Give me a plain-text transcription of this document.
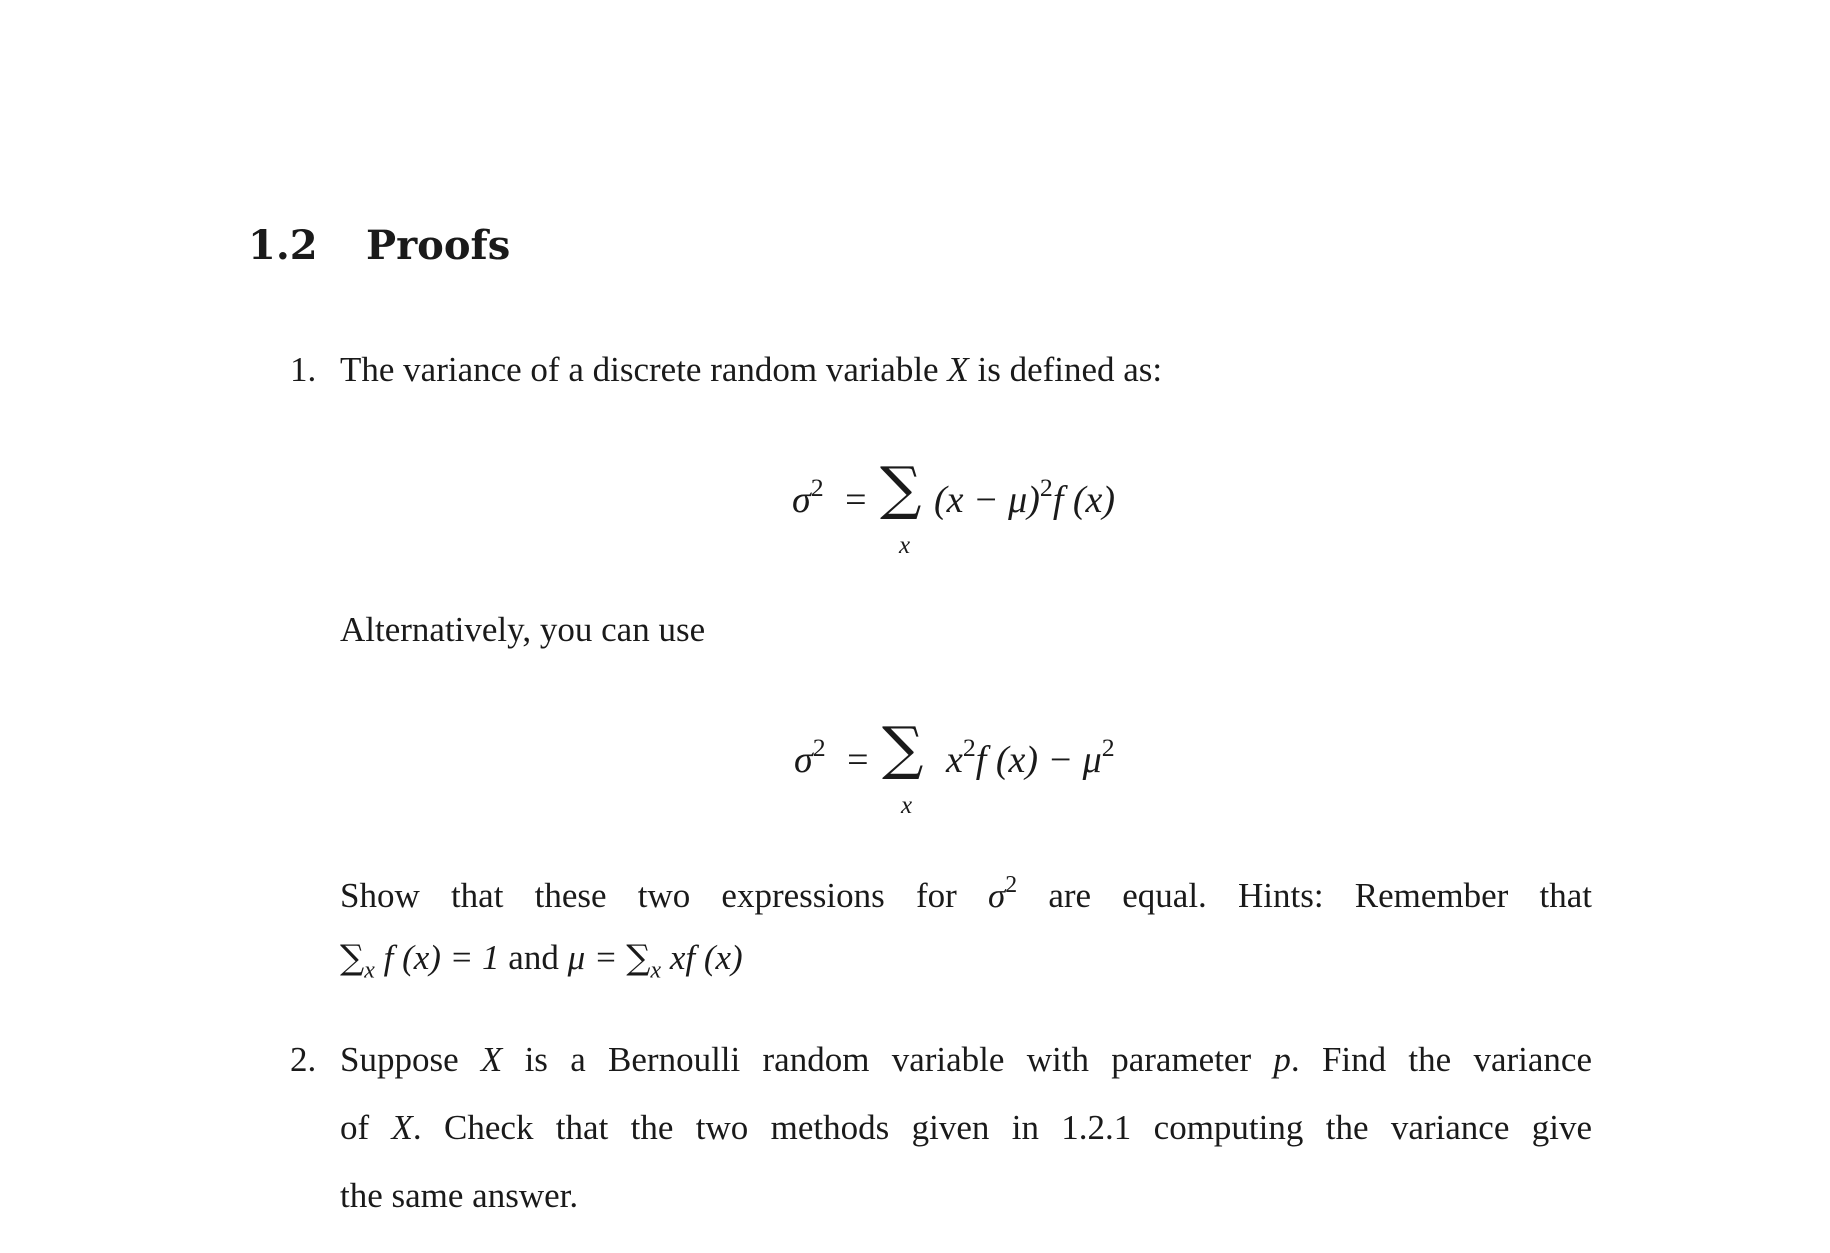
1.2 Proofs
1. The variance of a discrete random variable X is defined as:
$\sigma^2$ = ∑
x
$(x - \mu)^2f$ (x)
Alternatively, you can use
$\sigma^2$ = ∑
x
$x^2f$ $(x) - \mu^2$
Show that these two expressions for $\sigma^2$ are equal. Hints: Remember that
$\sum_x$ f (x) = 1 and $\mu = \sum_x$ xf (x)
2. Suppose X is a Bernoulli random variable with parameter p. Find the variance
of X. Check that the two methods given in 1.2.1 computing the variance give
the same answer.
